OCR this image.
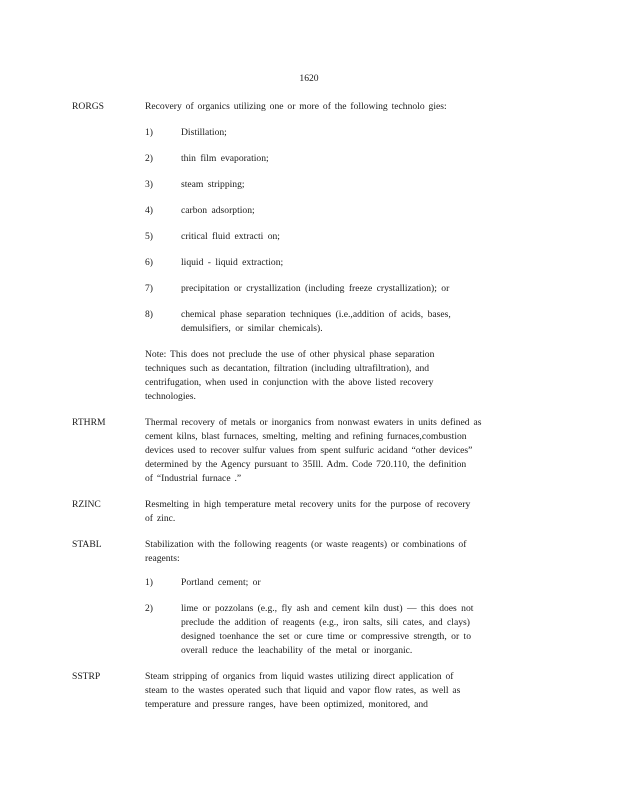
1620
RORGS	Recovery of organics utilizing one or more of the following technolo gies:
1)	Distillation;
2)	thin film evaporation;
3)	steam stripping;
4)	carbon adsorption;
5)	critical fluid extracti on;
6)	liquid - liquid extraction;
7)	precipitation or crystallization (including freeze crystallization); or
8)	chemical phase separation techniques (i.e.,addition of acids, bases,
demulsifiers, or similar chemicals).
Note: This does not preclude the use of other physical phase separation
techniques such as decantation, filtration (including ultrafiltration), and
centrifugation, when used in conjunction with the above listed recovery
technologies.
RTHRM	Thermal recovery of metals or inorganics from nonwast ewaters in units defined as
cement kilns, blast furnaces, smelting, melting and refining furnaces,combustion
devices used to recover sulfur values from spent sulfuric acidand “other devices”
determined by the Agency pursuant to 35Ill. Adm. Code 720.110, the definition
of “Industrial furnace .”
RZINC	Resmelting in high temperature metal recovery units for the purpose of recovery
of zinc.
STABL	Stabilization with the following reagents (or waste reagents) or combinations of
reagents:
1)	Portland cement; or
2)	lime or pozzolans (e.g., fly ash and cement kiln dust) — this does not
preclude the addition of reagents (e.g., iron salts, sili cates, and clays)
designed toenhance the set or cure time or compressive strength, or to
overall reduce the leachability of the metal or inorganic.
SSTRP	Steam stripping of organics from liquid wastes utilizing direct application of
steam to the wastes operated such that liquid and vapor flow rates, as well as
temperature and pressure ranges, have been optimized, monitored, and
